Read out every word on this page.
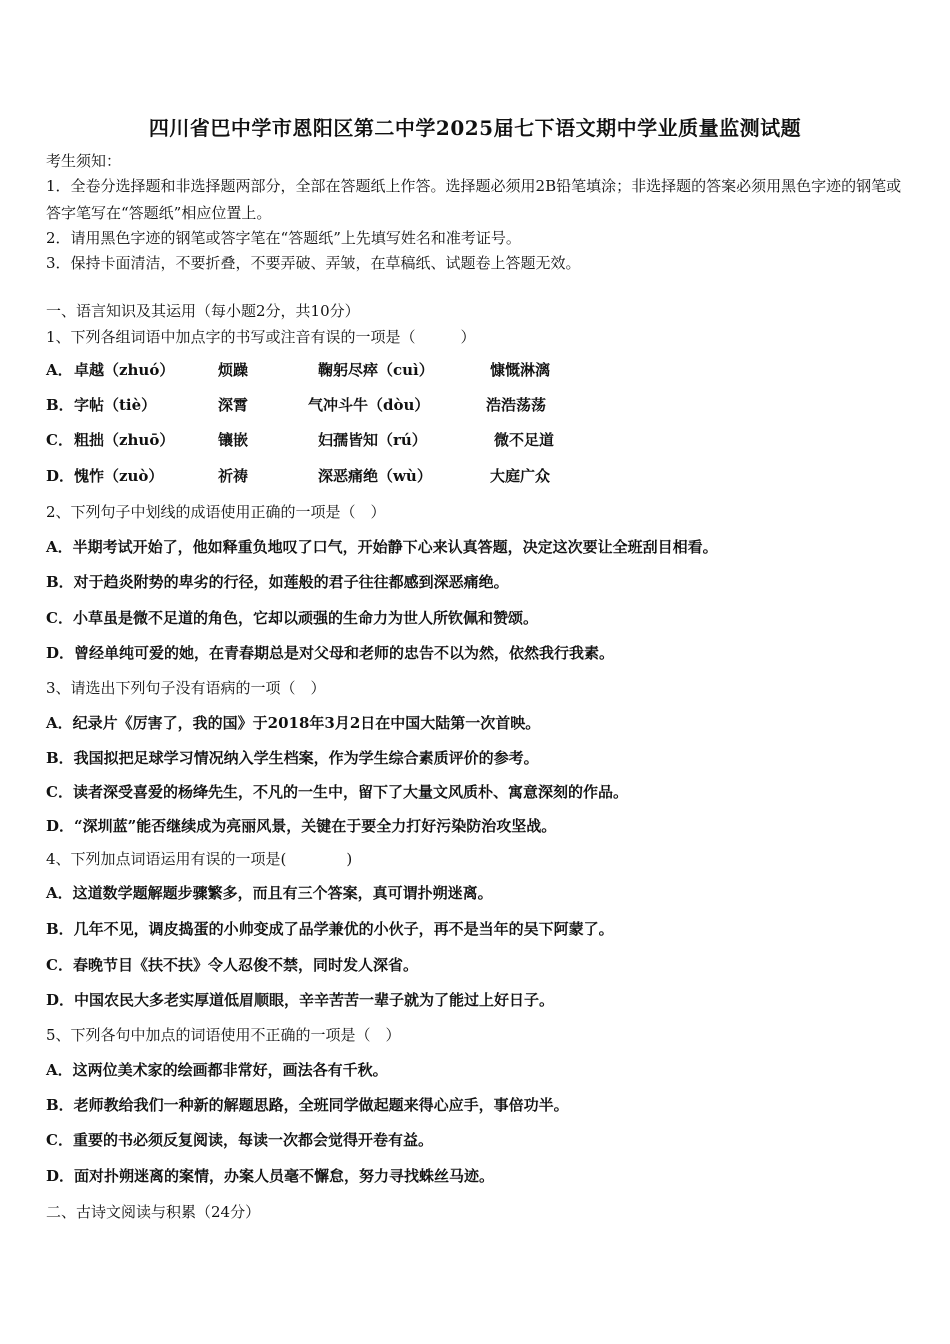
四川省巴中学市恩阳区第二中学2025届七下语文期中学业质量监测试题
考生须知：
1．全卷分选择题和非选择题两部分，全部在答题纸上作答。选择题必须用2B铅笔填涂；非选择题的答案必须用黑色字迹的钢笔或答字笔写在“答题纸”相应位置上。
2．请用黑色字迹的钢笔或答字笔在“答题纸”上先填写姓名和准考证号。
3．保持卡面清洁，不要折叠，不要弄破、弄皱，在草稿纸、试题卷上答题无效。
一、语言知识及其运用（每小题2分，共10分）
1、下列各组词语中加点字的书写或注音有误的一项是（　　　）
A． 卓越（zhuó）	烦躁	鞠躬尽瘁（cuì）	慷慨淋漓
B． 字帖（tiè）	深霄	气冲斗牛（dòu）	浩浩荡荡
C． 粗拙（zhuō）	镶嵌	妇孺皆知（rú）	微不足道
D． 愧怍（zuò）	祈祷	深恶痛绝（wù）	大庭广众
2、下列句子中划线的成语使用正确的一项是（　）
A．半期考试开始了，他如释重负地叹了口气，开始静下心来认真答题，决定这次要让全班刮目相看。
B．对于趋炎附势的卑劣的行径，如莲般的君子往往都感到深恶痛绝。
C．小草虽是微不足道的角色，它却以顽强的生命力为世人所钦佩和赞颂。
D．曾经单纯可爱的她，在青春期总是对父母和老师的忠告不以为然，依然我行我素。
3、请选出下列句子没有语病的一项（　）
A．纪录片《厉害了，我的国》于2018年3月2日在中国大陆第一次首映。
B．我国拟把足球学习情况纳入学生档案，作为学生综合素质评价的参考。
C．读者深受喜爱的杨绛先生，不凡的一生中，留下了大量文风质朴、寓意深刻的作品。
D．“深圳蓝”能否继续成为亮丽风景，关键在于要全力打好污染防治攻坚战。
4、下列加点词语运用有误的一项是(　　　　)
A．这道数学题解题步骤繁多，而且有三个答案，真可谓扑朔迷离。
B．几年不见，调皮捣蛋的小帅变成了品学兼优的小伙子，再不是当年的吴下阿蒙了。
C．春晚节目《扶不扶》令人忍俊不禁，同时发人深省。
D．中国农民大多老实厚道低眉顺眼，辛辛苦苦一辈子就为了能过上好日子。
5、下列各句中加点的词语使用不正确的一项是（　）
A．这两位美术家的绘画都非常好，画法各有千秋。
B．老师教给我们一种新的解题思路，全班同学做起题来得心应手，事倍功半。
C．重要的书必须反复阅读，每读一次都会觉得开卷有益。
D．面对扑朔迷离的案情，办案人员毫不懈怠，努力寻找蛛丝马迹。
二、古诗文阅读与积累（24分）
